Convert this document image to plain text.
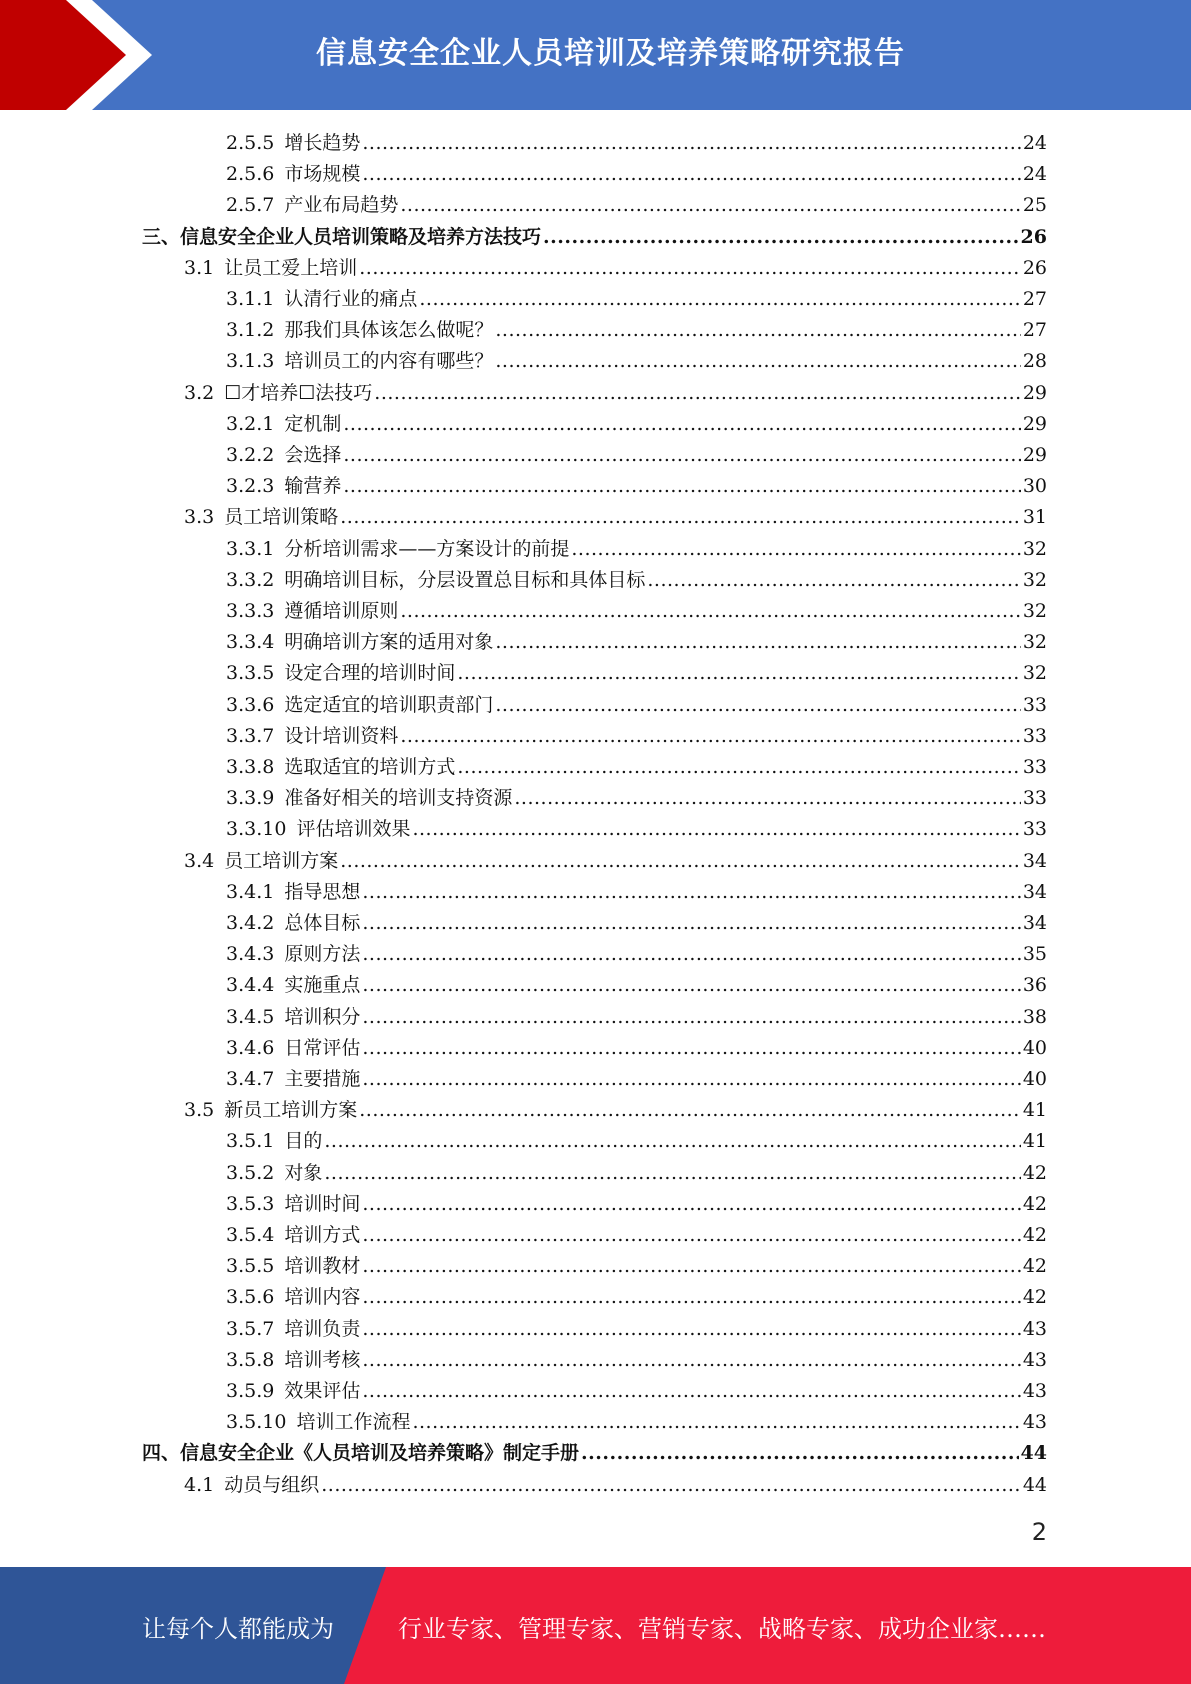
信息安全企业人员培训及培养策略研究报告
2.5.5 增长趋势 .....	24
2.5.6 市场规模 .....	24
2.5.7 产业布局趋势 .....	25
三、 信息安全企业人员培训策略及培养方法技巧 .....	26
3.1 让员工爱上培训 .....	26
3.1.1 认清行业的痛点 .....	27
3.1.2 那我们具体该怎么做呢？ .....	27
3.1.3 培训员工的内容有哪些？ .....	28
3.2 ☐才培养☐法技巧 .....	29
3.2.1 定机制 .....	29
3.2.2 会选择 .....	29
3.2.3 输营养 .....	30
3.3 员工培训策略 .....	31
3.3.1 分析培训需求——方案设计的前提 .....	32
3.3.2 明确培训目标，分层设置总目标和具体目标 .....	32
3.3.3 遵循培训原则 .....	32
3.3.4 明确培训方案的适用对象 .....	32
3.3.5 设定合理的培训时间 .....	32
3.3.6 选定适宜的培训职责部门 .....	33
3.3.7 设计培训资料 .....	33
3.3.8 选取适宜的培训方式 .....	33
3.3.9 准备好相关的培训支持资源 .....	33
3.3.10 评估培训效果 .....	33
3.4 员工培训方案 .....	34
3.4.1 指导思想 .....	34
3.4.2 总体目标 .....	34
3.4.3 原则方法 .....	35
3.4.4 实施重点 .....	36
3.4.5 培训积分 .....	38
3.4.6 日常评估 .....	40
3.4.7 主要措施 .....	40
3.5 新员工培训方案 .....	41
3.5.1 目的 .....	41
3.5.2 对象 .....	42
3.5.3 培训时间 .....	42
3.5.4 培训方式 .....	42
3.5.5 培训教材 .....	42
3.5.6 培训内容 .....	42
3.5.7 培训负责 .....	43
3.5.8 培训考核 .....	43
3.5.9 效果评估 .....	43
3.5.10 培训工作流程 .....	43
四、 信息安全企业《人员培训及培养策略》制定手册 .....	44
4.1 动员与组织 .....	44
2
让每个人都能成为	行业专家、管理专家、营销专家、战略专家、成功企业家……
